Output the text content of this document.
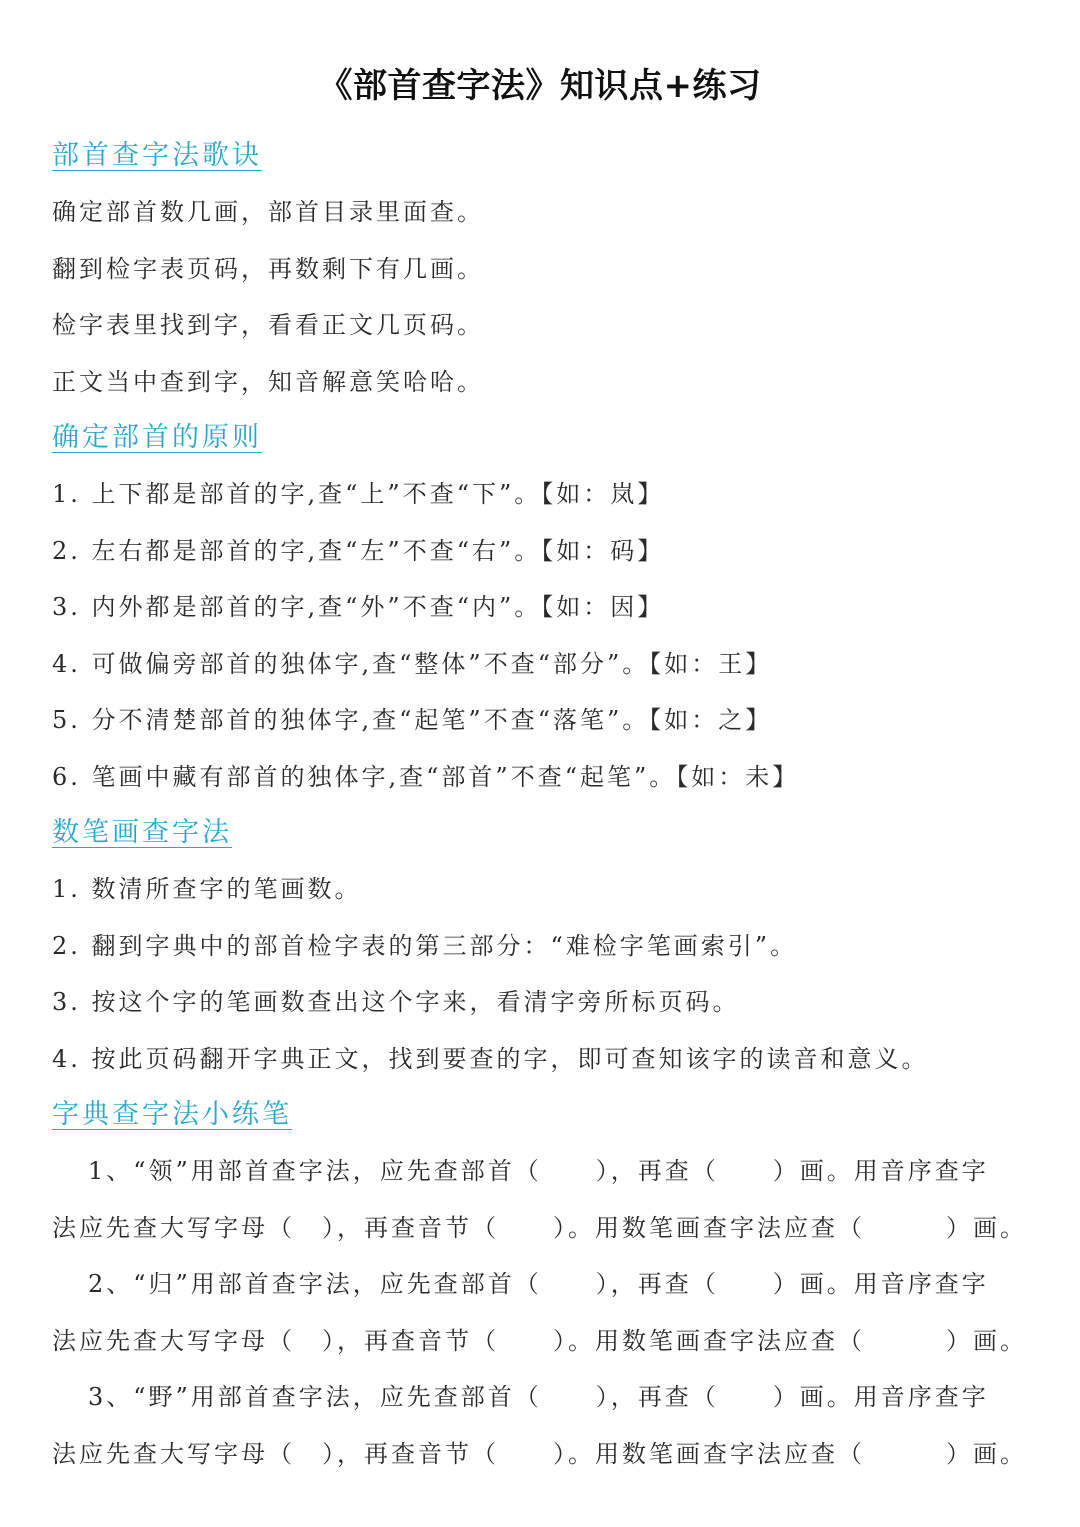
《部首查字法》知识点+练习
部首查字法歌诀
确定部首数几画，部首目录里面查。
翻到检字表页码，再数剩下有几画。
检字表里找到字，看看正文几页码。
正文当中查到字，知音解意笑哈哈。
确定部首的原则
1. 上下都是部首的字,查“上”不查“下”。【如：岚】
2. 左右都是部首的字,查“左”不查“右”。【如：码】
3. 内外都是部首的字,查“外”不查“内”。【如：因】
4. 可做偏旁部首的独体字,查“整体”不查“部分”。【如：王】
5. 分不清楚部首的独体字,查“起笔”不查“落笔”。【如：之】
6. 笔画中藏有部首的独体字,查“部首”不查“起笔”。【如：未】
数笔画查字法
1. 数清所查字的笔画数。
2. 翻到字典中的部首检字表的第三部分：“难检字笔画索引”。
3. 按这个字的笔画数查出这个字来，看清字旁所标页码。
4. 按此页码翻开字典正文，找到要查的字，即可查知该字的读音和意义。
字典查字法小练笔
1、“领”用部首查字法，应先查部首（　　），再查（　　）画。用音序查字
法应先查大写字母（　），再查音节（　　）。用数笔画查字法应查（　　　）画。
2、“归”用部首查字法，应先查部首（　　），再查（　　）画。用音序查字
法应先查大写字母（　），再查音节（　　）。用数笔画查字法应查（　　　）画。
3、“野”用部首查字法，应先查部首（　　），再查（　　）画。用音序查字
法应先查大写字母（　），再查音节（　　）。用数笔画查字法应查（　　　）画。
